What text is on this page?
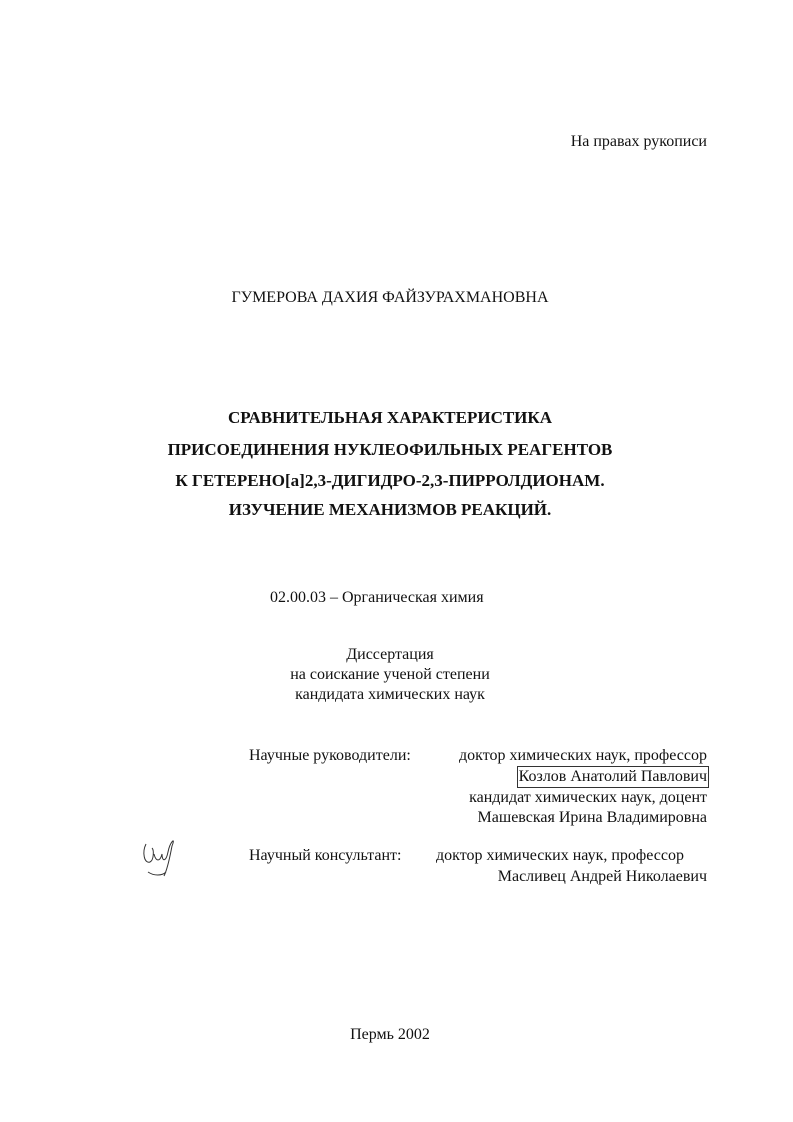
На правах рукописи
ГУМЕРОВА ДАХИЯ ФАЙЗУРАХМАНОВНА
СРАВНИТЕЛЬНАЯ ХАРАКТЕРИСТИКА
ПРИСОЕДИНЕНИЯ НУКЛЕОФИЛЬНЫХ РЕАГЕНТОВ
К ГЕТЕРЕНО[а]2,3-ДИГИДРО-2,3-ПИРРОЛДИОНАМ.
ИЗУЧЕНИЕ МЕХАНИЗМОВ РЕАКЦИЙ.
02.00.03 – Органическая химия
Диссертация
на соискание ученой степени
кандидата химических наук
Научные руководители:	доктор химических наук, профессор
Козлов Анатолий Павлович
кандидат химических наук, доцент
Машевская Ирина Владимировна
Научный консультант: доктор химических наук, профессор
Масливец Андрей Николаевич
Пермь 2002
